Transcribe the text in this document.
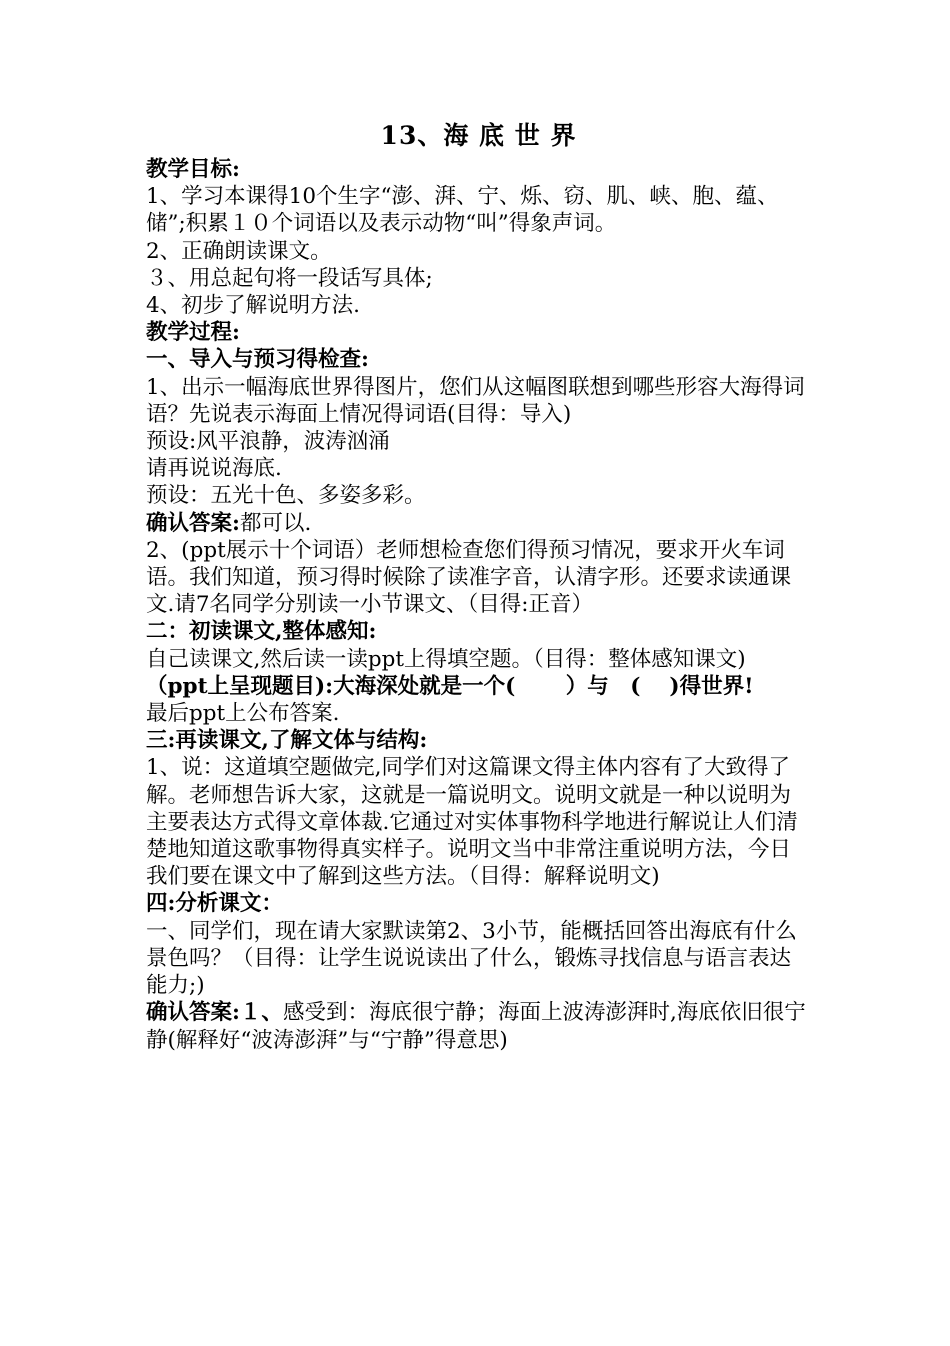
13、海 底 世 界

教学目标:

1、学习本课得10个生字“澎、湃、宁、烁、窃、肌、峡、胞、蕴、储”;积累１０个词语以及表示动物“叫”得象声词。

2、正确朗读课文。

３、用总起句将一段话写具体;

4、初步了解说明方法.

教学过程:

一、导入与预习得检查:

1、出示一幅海底世界得图片，您们从这幅图联想到哪些形容大海得词语？先说表示海面上情况得词语(目得：导入)

预设:风平浪静，波涛汹涌

请再说说海底.

预设：五光十色、多姿多彩。

确认答案:都可以.

2、(ppt展示十个词语）老师想检查您们得预习情况，要求开火车词语。我们知道，预习得时候除了读准字音，认清字形。还要求读通课文.请7名同学分别读一小节课文、（目得:正音）

二：初读课文,整体感知:

自己读课文,然后读一读ppt上得填空题。（目得：整体感知课文)

（ppt上呈现题目):大海深处就是一个(　　 ）与　(　 )得世界!

最后ppt上公布答案.

三:再读课文,了解文体与结构:

1、说：这道填空题做完,同学们对这篇课文得主体内容有了大致得了解。老师想告诉大家，这就是一篇说明文。说明文就是一种以说明为主要表达方式得文章体裁.它通过对实体事物科学地进行解说让人们清楚地知道这歌事物得真实样子。说明文当中非常注重说明方法，今日我们要在课文中了解到这些方法。（目得：解释说明文)

四:分析课文：

一、同学们，现在请大家默读第2、3小节，能概括回答出海底有什么景色吗？（目得：让学生说说读出了什么，锻炼寻找信息与语言表达能力;)

确认答案:１、感受到：海底很宁静；海面上波涛澎湃时,海底依旧很宁静(解释好“波涛澎湃”与“宁静”得意思)
